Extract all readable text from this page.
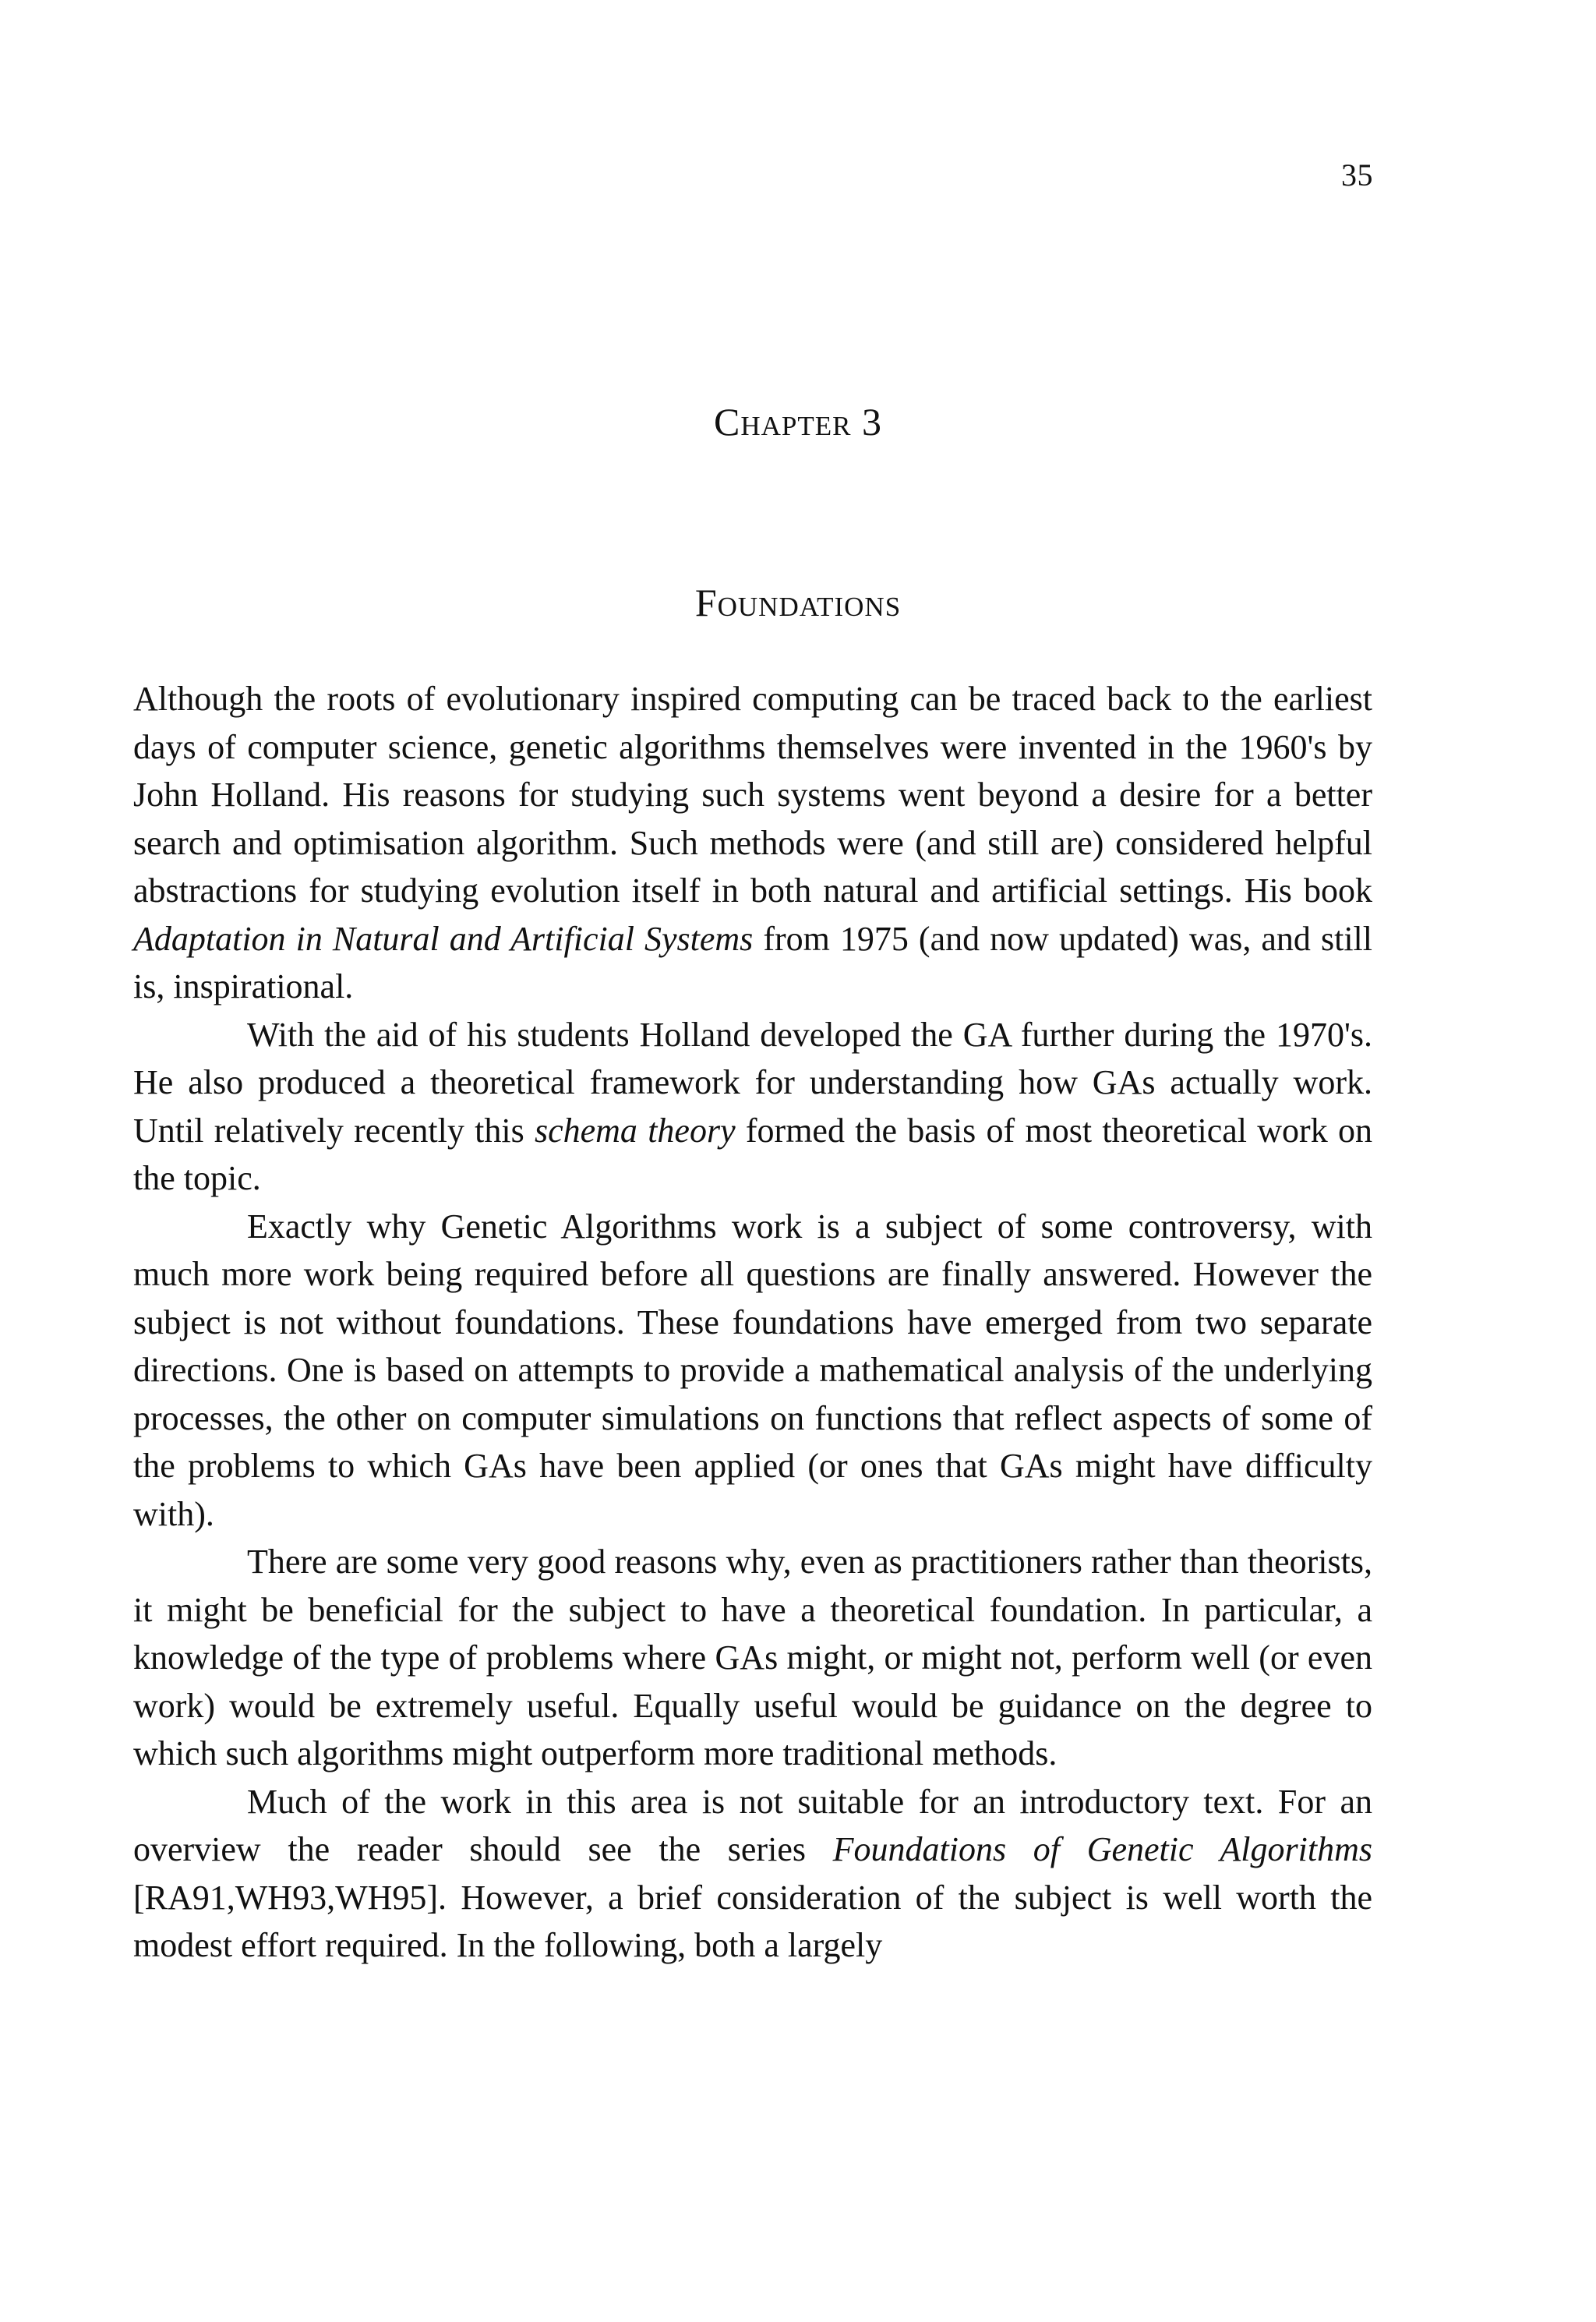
35
Chapter 3
Foundations

Although the roots of evolutionary inspired computing can be traced back to the earliest days of computer science, genetic algorithms themselves were invented in the 1960's by John Holland. His reasons for studying such systems went beyond a desire for a better search and optimisation algorithm. Such methods were (and still are) considered helpful abstractions for studying evolution itself in both natural and artificial settings. His book Adaptation in Natural and Artificial Systems from 1975 (and now updated) was, and still is, inspirational.

With the aid of his students Holland developed the GA further during the 1970's. He also produced a theoretical framework for understanding how GAs actually work. Until relatively recently this schema theory formed the basis of most theoretical work on the topic.

Exactly why Genetic Algorithms work is a subject of some controversy, with much more work being required before all questions are finally answered. However the subject is not without foundations. These foundations have emerged from two separate directions. One is based on attempts to provide a mathematical analysis of the underlying processes, the other on computer simulations on functions that reflect aspects of some of the problems to which GAs have been applied (or ones that GAs might have difficulty with).

There are some very good reasons why, even as practitioners rather than theorists, it might be beneficial for the subject to have a theoretical foundation. In particular, a knowledge of the type of problems where GAs might, or might not, perform well (or even work) would be extremely useful. Equally useful would be guidance on the degree to which such algorithms might outperform more traditional methods.

Much of the work in this area is not suitable for an introductory text. For an overview the reader should see the series Foundations of Genetic Algorithms [RA91,WH93,WH95]. However, a brief consideration of the subject is well worth the modest effort required. In the following, both a largely
